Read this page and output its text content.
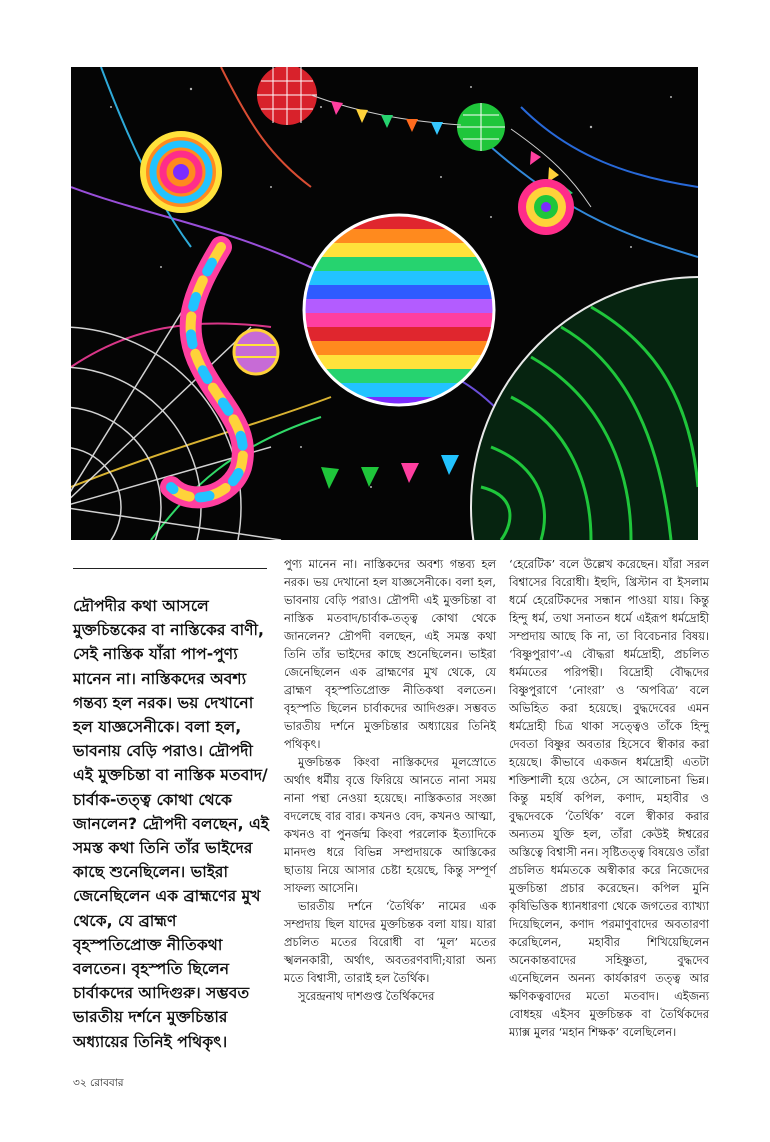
দ্রৌপদীর কথা আসলে মুক্তচিন্তকের বা নাস্তিকের বাণী, সেই নাস্তিক যাঁরা পাপ-পুণ্য মানেন না। নাস্তিকদের অবশ্য গন্তব্য হল নরক। ভয় দেখানো হল যাজ্ঞসেনীকে। বলা হল, ভাবনায় বেড়ি পরাও। দ্রৌপদী এই মুক্তচিন্তা বা নাস্তিক মতবাদ/চার্বাক-তত্ত্ব কোথা থেকে জানলেন? দ্রৌপদী বলছেন, এই সমস্ত কথা তিনি তাঁর ভাইদের কাছে শুনেছিলেন। ভাইরা জেনেছিলেন এক ব্রাহ্মণের মুখ থেকে, যে ব্রাহ্মণ বৃহস্পতিপ্রোক্ত নীতিকথা বলতেন। বৃহস্পতি ছিলেন চার্বাকদের আদিগুরু। সম্ভবত ভারতীয় দর্শনে মুক্তচিন্তার অধ্যায়ের তিনিই পথিকৃৎ।

পুণ্য মানেন না। নাস্তিকদের অবশ্য গন্তব্য হল নরক। ভয় দেখানো হল যাজ্ঞসেনীকে। বলা হল, ভাবনায় বেড়ি পরাও। দ্রৌপদী এই মুক্তচিন্তা বা নাস্তিক মতবাদ/চার্বাক-তত্ত্ব কোথা থেকে জানলেন? দ্রৌপদী বলছেন, এই সমস্ত কথা তিনি তাঁর ভাইদের কাছে শুনেছিলেন। ভাইরা জেনেছিলেন এক ব্রাহ্মণের মুখ থেকে, যে ব্রাহ্মণ বৃহস্পতিপ্রোক্ত নীতিকথা বলতেন। বৃহস্পতি ছিলেন চার্বাকদের আদিগুরু। সম্ভবত ভারতীয় দর্শনে মুক্তচিন্তার অধ্যায়ের তিনিই পথিকৃৎ।

মুক্তচিন্তক কিংবা নাস্তিকদের মূলস্রোতে অর্থাৎ ধর্মীয় বৃত্তে ফিরিয়ে আনতে নানা সময় নানা পন্থা নেওয়া হয়েছে। নাস্তিকতার সংজ্ঞা বদলেছে বার বার। কখনও বেদ, কখনও আত্মা, কখনও বা পুনর্জন্ম কিংবা পরলোক ইত্যাদিকে মানদণ্ড ধরে বিভিন্ন সম্প্রদায়কে আস্তিকের ছাতায় নিয়ে আসার চেষ্টা হয়েছে, কিন্তু সম্পূর্ণ সাফল্য আসেনি।

ভারতীয় দর্শনে ‘তৈর্থিক’ নামের এক সম্প্রদায় ছিল যাদের মুক্তচিন্তক বলা যায়। যারা প্রচলিত মতের বিরোধী বা ‘মূল’ মতের স্খলনকারী, অর্থাৎ, অবতরণবাদী;যারা অন্য মতে বিশ্বাসী, তারাই হল তৈর্থিক।

সুরেন্দ্রনাথ দাশগুপ্ত তৈর্থিকদের

‘হেরেটিক’ বলে উল্লেখ করেছেন। যাঁরা সরল বিশ্বাসের বিরোধী। ইহুদি, খ্রিস্টান বা ইসলাম ধর্মে হেরেটিকদের সন্ধান পাওয়া যায়। কিন্তু হিন্দু ধর্ম, তথা সনাতন ধর্মে এইরূপ ধর্মদ্রোহী সম্প্রদায় আছে কি না, তা বিবেচনার বিষয়। ‘বিষ্ণুপুরাণ’-এ বৌদ্ধরা ধর্মদ্রোহী, প্রচলিত ধর্মমতের পরিপন্থী। বিদ্রোহী বৌদ্ধদের বিষ্ণুপুরাণে ‘নোংরা’ ও ‘অপবিত্র’ বলে অভিহিত করা হয়েছে। বুদ্ধদেবের এমন ধর্মদ্রোহী চিত্র থাকা সত্ত্বেও তাঁকে হিন্দু দেবতা বিষ্ণুর অবতার হিসেবে স্বীকার করা হয়েছে। কীভাবে একজন ধর্মদ্রোহী এতটা শক্তিশালী হয়ে ওঠেন, সে আলোচনা ভিন্ন। কিন্তু মহর্ষি কপিল, কণাদ, মহাবীর ও বুদ্ধদেবকে ‘তৈর্থিক’ বলে স্বীকার করার অন্যতম যুক্তি হল, তাঁরা কেউই ঈশ্বরের অস্তিত্বে বিশ্বাসী নন। সৃষ্টিতত্ত্ব বিষয়েও তাঁরা প্রচলিত ধর্মমতকে অস্বীকার করে নিজেদের মুক্তচিন্তা প্রচার করেছেন। কপিল মুনি কৃষিভিত্তিক ধ্যানধারণা থেকে জগতের ব্যাখ্যা দিয়েছিলেন, কণাদ পরমাণুবাদের অবতারণা করেছিলেন, মহাবীর শিখিয়েছিলেন অনেকান্তবাদের সহিষ্ণুতা, বুদ্ধদেব এনেছিলেন অনন্য কার্যকারণ তত্ত্ব আর ক্ষণিকত্ববাদের মতো মতবাদ। এইজন্য বোধহয় এইসব মুক্তচিন্তক বা তৈর্থিকদের ম্যাক্স মুলর ‘মহান শিক্ষক’ বলেছিলেন।

৩২ রোববার
